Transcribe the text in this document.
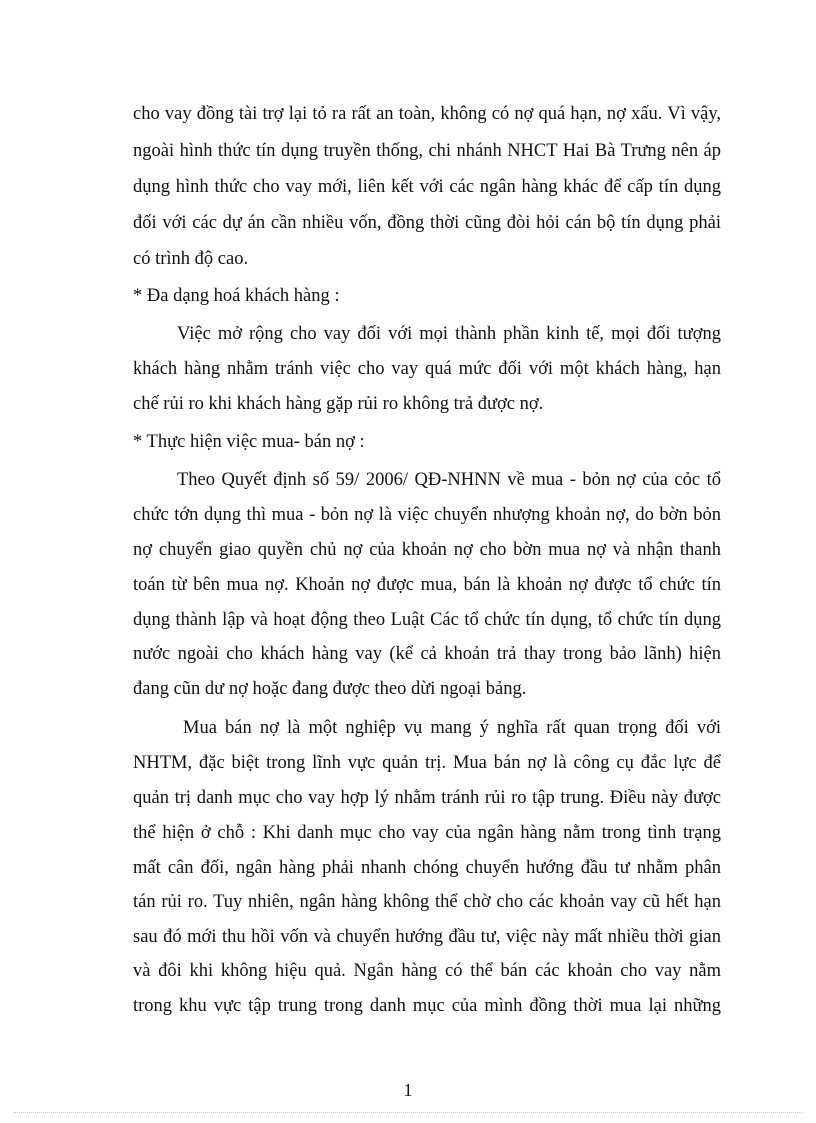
cho vay đồng tài trợ lại tỏ ra rất an toàn, không có nợ quá hạn, nợ xấu. Vì vậy,
ngoài hình thức tín dụng truyền thống, chi nhánh NHCT Hai Bà Trưng nên áp
dụng hình thức cho vay mới, liên kết với các ngân hàng khác để cấp tín dụng
đối với các dự án cần nhiều vốn, đồng thời cũng đòi hỏi cán bộ tín dụng phải
có trình độ cao.
* Đa dạng hoá khách hàng :
Việc mở rộng cho vay đối với mọi thành phần kinh tế, mọi đối tượng
khách hàng nhằm tránh việc cho vay quá mức đối với một khách hàng, hạn
chế rủi ro khi khách hàng gặp rủi ro không trả được nợ.
* Thực hiện việc mua- bán nợ :
Theo Quyết định số 59/ 2006/ QĐ-NHNN về mua - bỏn nợ của cỏc tổ
chức tớn dụng thì mua - bỏn nợ là việc chuyển nhượng khoản nợ, do bờn bỏn
nợ chuyển giao quyền chủ nợ của khoản nợ cho bờn mua nợ và nhận thanh
toán từ bên mua nợ. Khoản nợ được mua, bán là khoản nợ được tổ chức tín
dụng thành lập và hoạt động theo Luật Các tổ chức tín dụng, tổ chức tín dụng
nước ngoài cho khách hàng vay (kể cả khoản trả thay trong bảo lãnh) hiện
đang cũn dư nợ hoặc đang được theo dừi ngoại bảng.
Mua bán nợ là một nghiệp vụ mang ý nghĩa rất quan trọng đối với
NHTM, đặc biệt trong lĩnh vực quản trị. Mua bán nợ là công cụ đắc lực để
quản trị danh mục cho vay hợp lý nhằm tránh rủi ro tập trung. Điều này được
thể hiện ở chỗ : Khi danh mục cho vay của ngân hàng nằm trong tình trạng
mất cân đối, ngân hàng phải nhanh chóng chuyển hướng đầu tư nhằm phân
tán rủi ro. Tuy nhiên, ngân hàng không thể chờ cho các khoản vay cũ hết hạn
sau đó mới thu hồi vốn và chuyển hướng đầu tư, việc này mất nhiều thời gian
và đôi khi không hiệu quả. Ngân hàng có thể bán các khoản cho vay nằm
trong khu vực tập trung trong danh mục của mình đồng thời mua lại những
1
